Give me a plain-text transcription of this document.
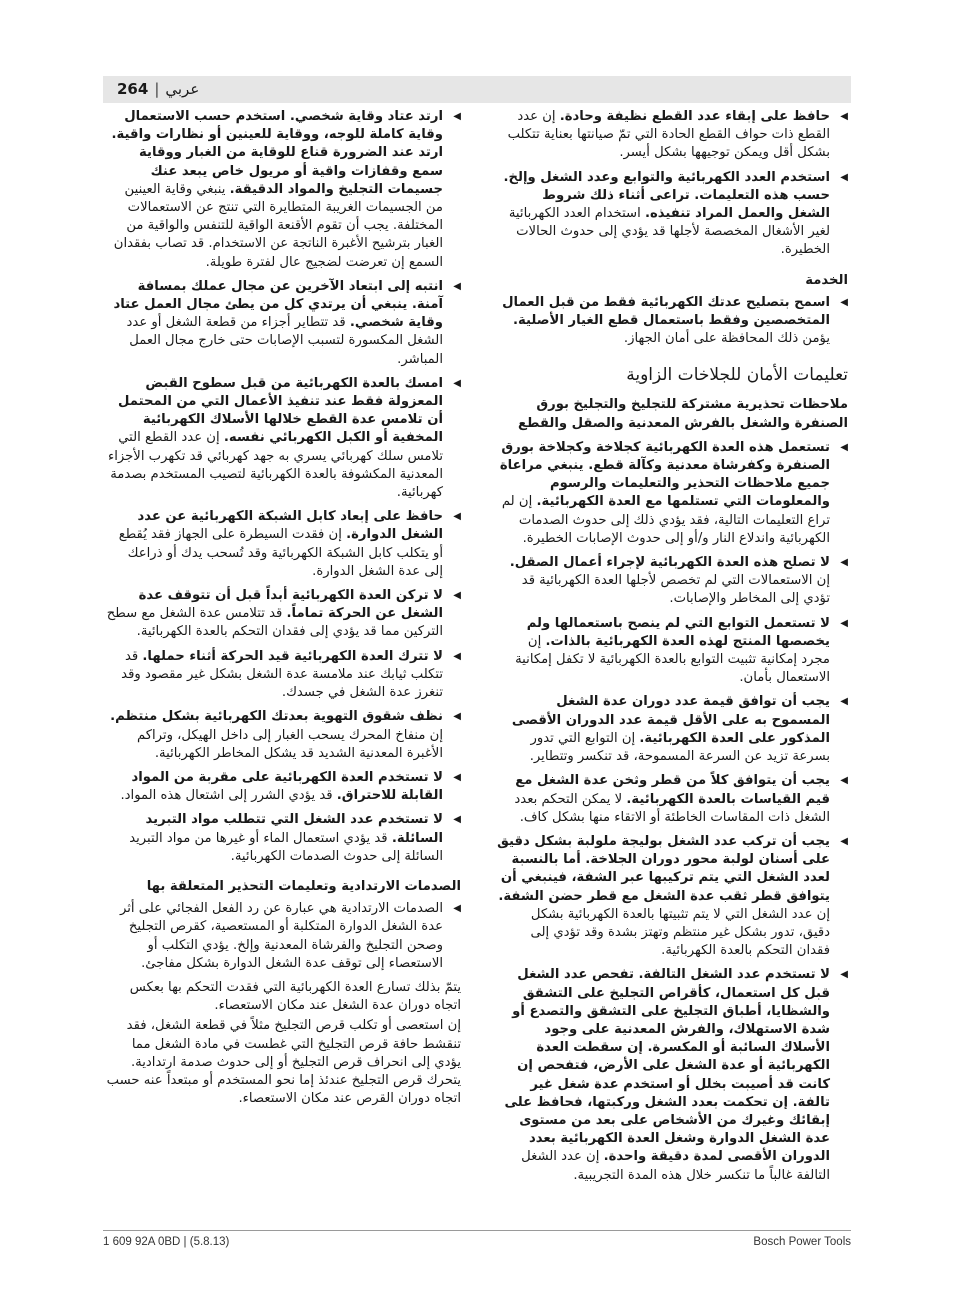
264 | عربي
◀
حافظ على إبقاء عدد القطع نظيفة وحادة. إن عدد القطع ذات حواف القطع الحادة التي تمّ صيانتها بعناية تتكلب بشكل أقل ويمكن توجيهها بشكل أيسر.
◀
استخدم العدد الكهربائية والتوابع وعدد الشغل وإلخ. حسب هذه التعليمات. تراعى أثناء ذلك شروط الشغل والعمل المراد تنفيذه. استخدام العدد الكهربائية لغير الأشغال المخصصة لأجلها قد يؤدي إلى حدوث الحالات الخطيرة.
الخدمة
◀
اسمح بتصليح عدتك الكهربائية فقط من قبل العمال المتخصصين وفقط باستعمال قطع الغيار الأصلية. يؤمن ذلك المحافظة على أمان الجهاز.
تعليمات الأمان للجلاخات الزاوية
ملاحظات تحذيرية مشتركة للتجليخ والتجليخ بورق الصنفرة والشغل بالفرش المعدنية والصقل والقطع
◀
تستعمل هذه العدة الكهربائية كجلاخة وكجلاخة بورق الصنفرة وكفرشاة معدنية وكآلة قطع. ينبغي مراعاة جميع ملاحظات التحذير والتعليمات والرسوم والمعلومات التي تستلمها مع العدة الكهربائية. إن لم تراع التعليمات التالية، فقد يؤدي ذلك إلى حدوث الصدمات الكهربائية واندلاع النار و/أو إلى حدوث الإصابات الخطيرة.
◀
لا تصلح هذه العدة الكهربائية لإجراء أعمال الصقل. إن الاستعمالات التي لم تخصص لأجلها العدة الكهربائية قد تؤدي إلى المخاطر والإصابات.
◀
لا تستعمل التوابع التي لم ينصح باستعمالها ولم يخصصها المنتج لهذه العدة الكهربائية بالذات. إن مجرد إمكانية تثبيت التوابع بالعدة الكهربائية لا تكفل إمكانية الاستعمال بأمان.
◀
يجب أن توافق قيمة عدد دوران عدة الشغل المسموح به على الأقل قيمة عدد الدوران الأقصى المذكور على العدة الكهربائية. إن التوابع التي تدور بسرعة تزيد عن السرعة المسموحة، قد تنكسر وتتطاير.
◀
يجب أن يتوافق كلاً من قطر وثخن عدة الشغل مع قيم القياسات بالعدة الكهربائية. لا يمكن التحكم بعدد الشغل ذات المقاسات الخاطئة أو الاتقاء منها بشكل كاف.
◀
يجب أن تركب عدد الشغل بوليجة ملولبة بشكل دقيق على أسنان لولبة محور دوران الجلاخة. أما بالنسبة لعدد الشغل التي يتم تركيبها عبر الشفة، فينبغي أن يتوافق قطر ثقب عدة الشغل مع قطر حضن الشفة. إن عدد الشغل التي لا يتم تثبيتها بالعدة الكهربائية بشكل دقيق، تدور بشكل غير منتظم وتهتز بشدة وقد تؤدي إلى فقدان التحكم بالعدة الكهربائية.
◀
لا تستخدم عدد الشغل التالفة. تفحص عدد الشغل قبل كل استعمال، كأقراص التجليخ على التشقق والشظايا، أطباق التجليخ على التشقق والتصدع أو شدة الاستهلاك، والفرش المعدنية على وجود الأسلاك السائبة أو المكسرة. إن سقطت العدة الكهربائية أو عدة الشغل على الأرض، فتفحص إن كانت قد أصيبت بخلل أو استخدم عدة شغل غير تالفة. إن تحكمت بعدد الشغل وركبتها، فحافظ على إبقائك وغيرك من الأشخاص على بعد من مستوى عدة الشغل الدوارة وشغل العدة الكهربائية بعدد الدوران الأقصى لمدة دقيقة واحدة. إن عدد الشغل التالفة غالباً ما تنكسر خلال هذه المدة التجريبية.
◀
ارتد عتاد وقاية شخصي. استخدم حسب الاستعمال وقاية كاملة للوجه، ووقاية للعينين أو نظارات واقية. ارتد عند الضرورة قناع للوقاية من الغبار ووقاية سمع وقفازات واقية أو مريول خاص يبعد عنك جسيمات التجليخ والمواد الدقيقة. ينبغي وقاية العينين من الجسيمات الغريبة المتطايرة التي تنتج عن الاستعمالات المختلفة. يجب أن تقوم الأقنعة الواقية للتنفس والواقية من الغبار بترشيح الأغبرة الناتجة عن الاستخدام. قد تصاب بفقدان السمع إن تعرضت لضجيج عال لفترة طويلة.
◀
انتبه إلى ابتعاد الآخرين عن مجال عملك بمسافة آمنة. ينبغي أن يرتدي كل من يطئ مجال العمل عتاد وقاية شخصي. قد تتطاير أجزاء من قطعة الشغل أو عدد الشغل المكسورة لتسبب الإصابات حتى خارج مجال العمل المباشر.
◀
امسك بالعدة الكهربائية من قبل سطوح القبض المعزولة فقط عند تنفيذ الأعمال التي من المحتمل أن تلامس عدة القطع خلالها الأسلاك الكهربائية المخفية أو الكبل الكهربائي نفسه. إن عدد القطع التي تلامس سلك كهربائي يسري به جهد كهربائي قد تكهرب الأجزاء المعدنية المكشوفة بالعدة الكهربائية لتصيب المستخدم بصدمة كهربائية.
◀
حافظ على إبعاد كابل الشبكة الكهربائية عن عدد الشغل الدوارة. إن فقدت السيطرة على الجهاز فقد يُقطع أو يتكلب كابل الشبكة الكهربائية وقد تُسحب يدك أو ذراعك إلى عدة الشغل الدوارة.
◀
لا تركن العدة الكهربائية أبداً قبل أن تتوقف عدة الشغل عن الحركة تماماً. قد تتلامس عدة الشغل مع سطح التركين مما قد يؤدي إلى فقدان التحكم بالعدة الكهربائية.
◀
لا تترك العدة الكهربائية قيد الحركة أثناء حملها. قد تتكلب ثيابك عند ملامسة عدة الشغل بشكل غير مقصود وقد تنغرز عدة الشغل في جسدك.
◀
نظف شقوق التهوية بعدتك الكهربائية بشكل منتظم. إن منفاخ المحرك يسحب الغبار إلى داخل الهيكل، وتراكم الأغبرة المعدنية الشديد قد يشكل المخاطر الكهربائية.
◀
لا تستخدم العدة الكهربائية على مقربة من المواد القابلة للاحتراق. قد يؤدي الشرر إلى اشتعال هذه المواد.
◀
لا تستخدم عدد الشغل التي تتطلب مواد التبريد السائلة. قد يؤدي استعمال الماء أو غيرها من مواد التبريد السائلة إلى حدوث الصدمات الكهربائية.
الصدمات الارتدادية وتعليمات التحذير المتعلقة بها
◀
الصدمات الارتدادية هي عبارة عن رد الفعل الفجائي على أثر عدة الشغل الدوارة المتكلبة أو المستعصية، كقرص التجليخ وصحن التجليخ والفرشاة المعدنية وإلخ. يؤدي التكلب أو الاستعصاء إلى توقف عدة الشغل الدوارة بشكل مفاجئ.
يتمّ بذلك تسارع العدة الكهربائية التي فقدت التحكم بها بعكس اتجاه دوران عدة الشغل عند مكان الاستعصاء.
إن استعصى أو تكلب قرص التجليخ مثلاً في قطعة الشغل، فقد تنقشط حافة قرص التجليخ التي غطست في مادة الشغل مما يؤدي إلى انحراف قرص التجليخ أو إلى حدوث صدمة ارتدادية. يتحرك قرص التجليخ عندئذ إما نحو المستخدم أو مبتعداً عنه حسب اتجاه دوران القرص عند مكان الاستعصاء.
1 609 92A 0BD | (5.8.13)	Bosch Power Tools
